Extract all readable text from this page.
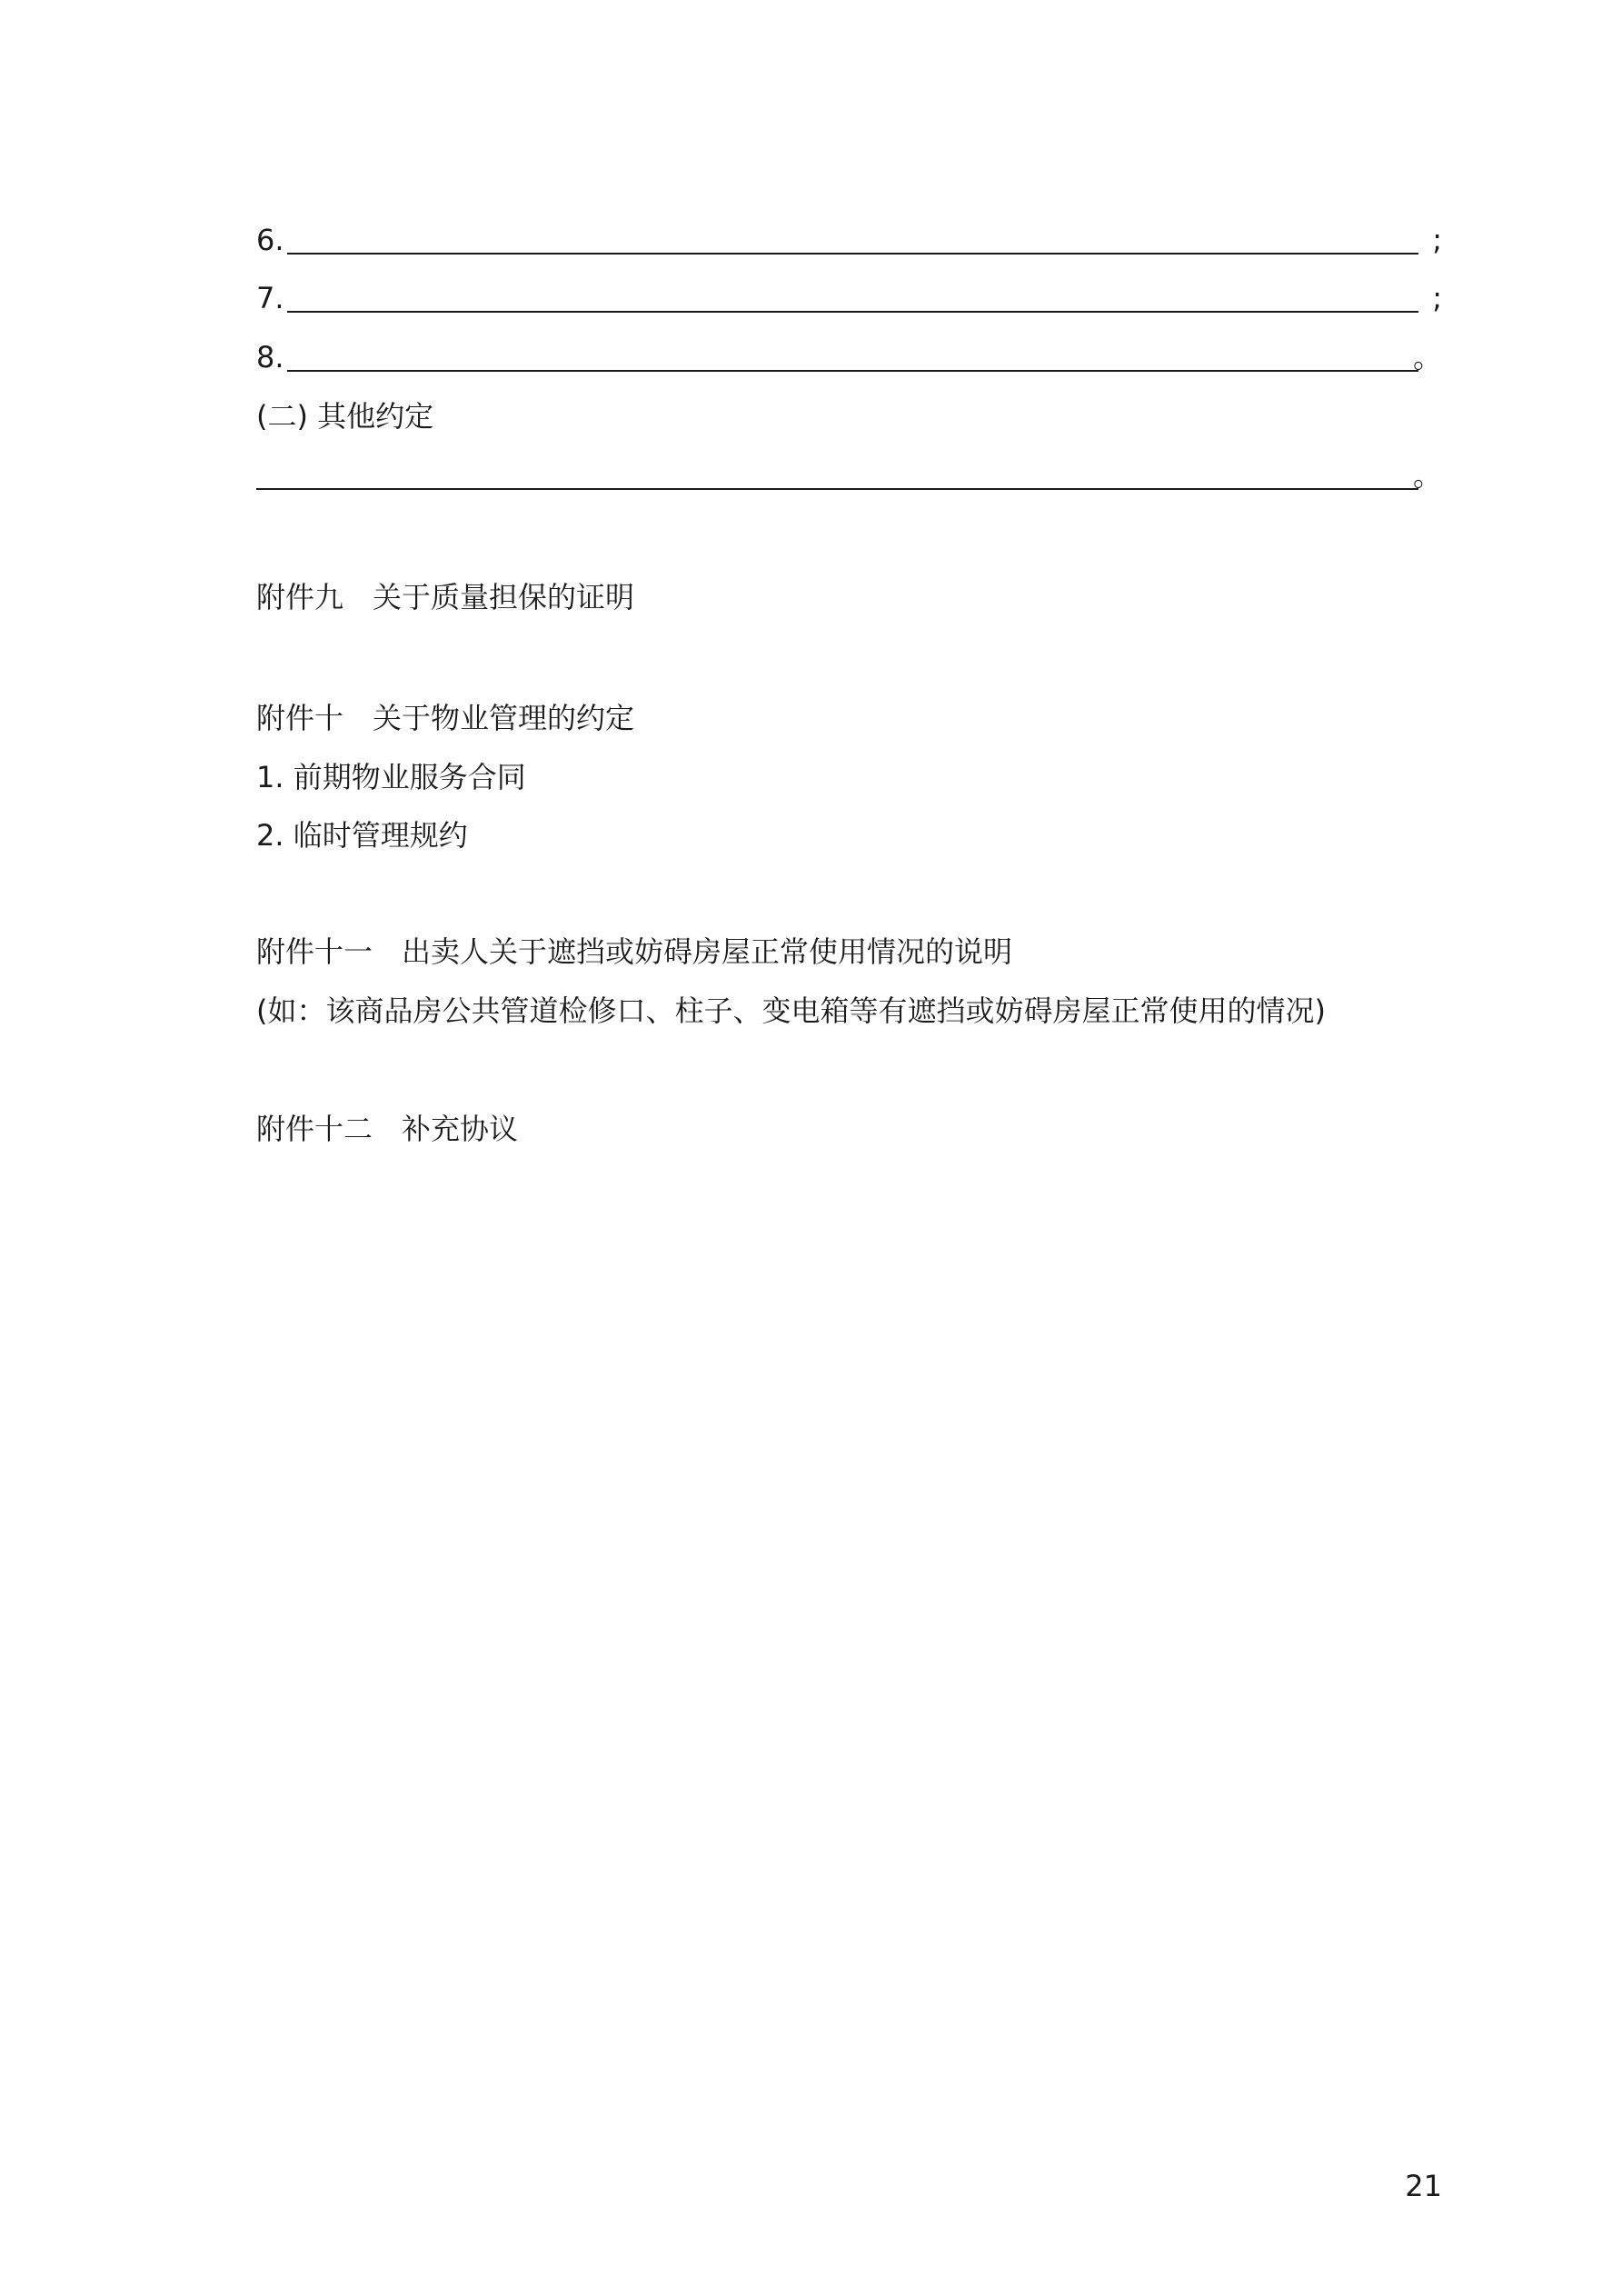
6.	;
7.	;
8.	。
(二) 其他约定
。
附件九　关于质量担保的证明
附件十　关于物业管理的约定
1. 前期物业服务合同
2. 临时管理规约
附件十一　出卖人关于遮挡或妨碍房屋正常使用情况的说明
(如：该商品房公共管道检修口、柱子、变电箱等有遮挡或妨碍房屋正常使用的情况)
附件十二　补充协议
21
